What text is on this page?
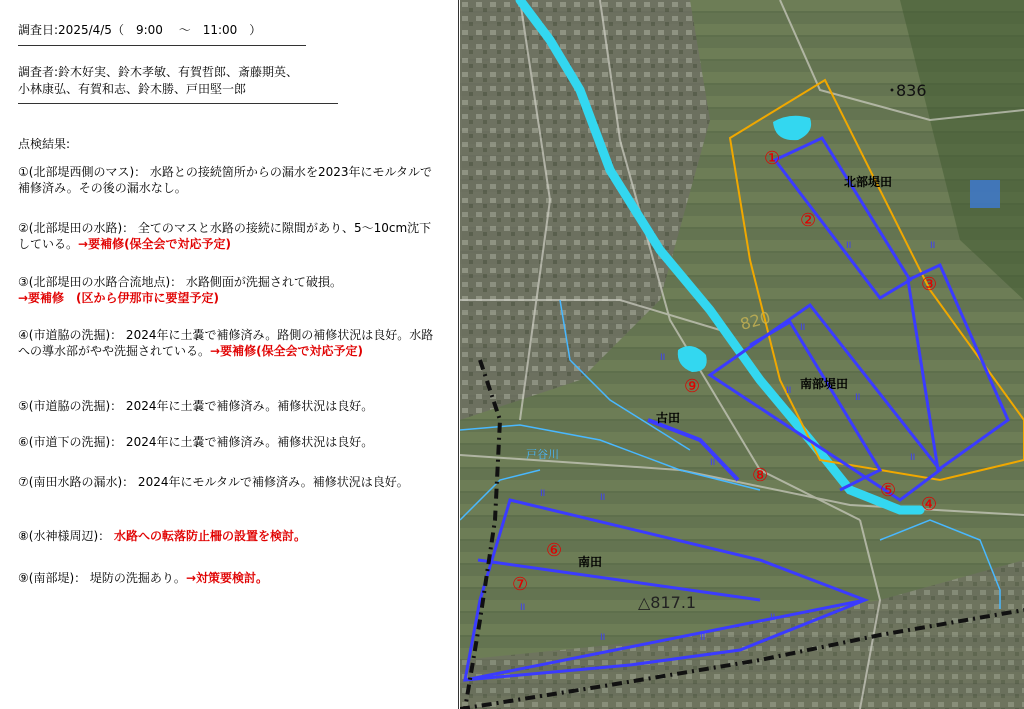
調査日:2025/4/5（　9:00　 ～　11:00　）
調査者:鈴木好実、鈴木孝敏、有賀哲郎、斎藤期英、
小林康弘、有賀和志、鈴木勝、戸田堅一郎
点検結果:
①(北部堤西側のマス)： 水路との接続箇所からの漏水を2023年にモルタルで補修済み。その後の漏水なし。
②(北部堤田の水路)： 全てのマスと水路の接続に隙間があり、5～10cm沈下している。→要補修(保全会で対応予定)
③(北部堤田の水路合流地点)： 水路側面が洗掘されて破損。
→要補修　(区から伊那市に要望予定)
④(市道脇の洗掘)： 2024年に土嚢で補修済み。路側の補修状況は良好。水路への導水部がやや洗掘されている。→要補修(保全会で対応予定)
⑤(市道脇の洗掘)： 2024年に土嚢で補修済み。補修状況は良好。
⑥(市道下の洗掘)： 2024年に土嚢で補修済み。補修状況は良好。
⑦(南田水路の漏水)： 2024年にモルタルで補修済み。補修状況は良好。
⑧(水神様周辺)： 水路への転落防止柵の設置を検討。
⑨(南部堤)： 堤防の洗掘あり。→対策要検討。
戸谷川
II	II
II
II
II
II	II
II
II	II
II
II
II
II
･836
820
△817.1
北部堤田
南部堤田
古田
南田
①
②
③
④
⑤
⑥
⑦
⑧
⑨
